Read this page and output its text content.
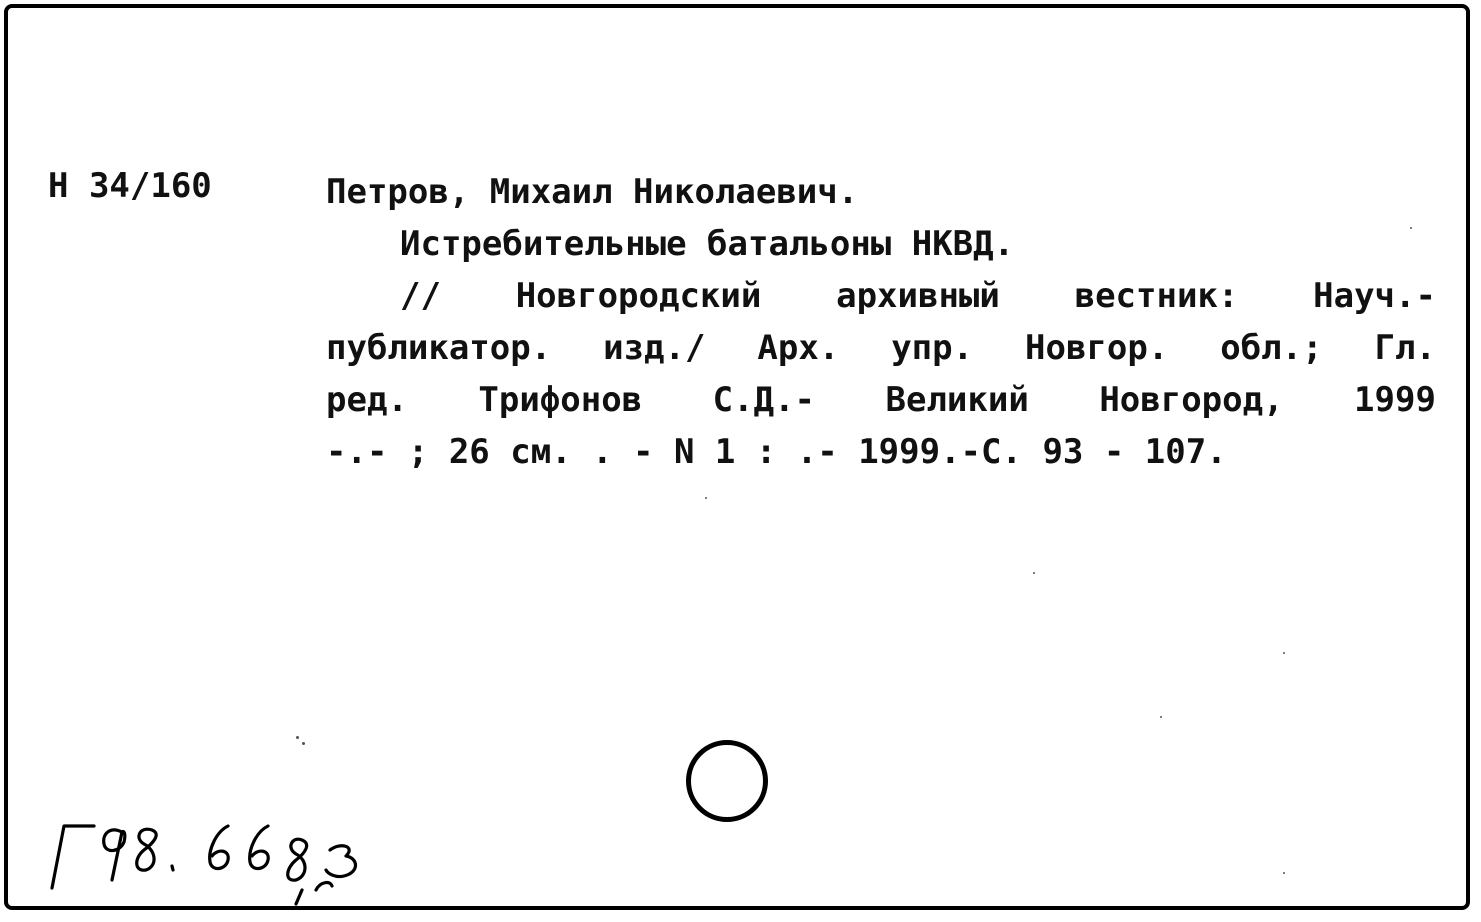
Н 34/160	Петров, Михаил Николаевич.
Истребительные батальоны НКВД.
// Новгородский архивный вестник: Науч.-
публикатор. изд./ Арх. упр. Новгор. обл.; Гл.
ред. Трифонов С.Д.- Великий Новгород, 1999
-.- ; 26 см. . - N 1 : .- 1999.-С. 93 - 107.
